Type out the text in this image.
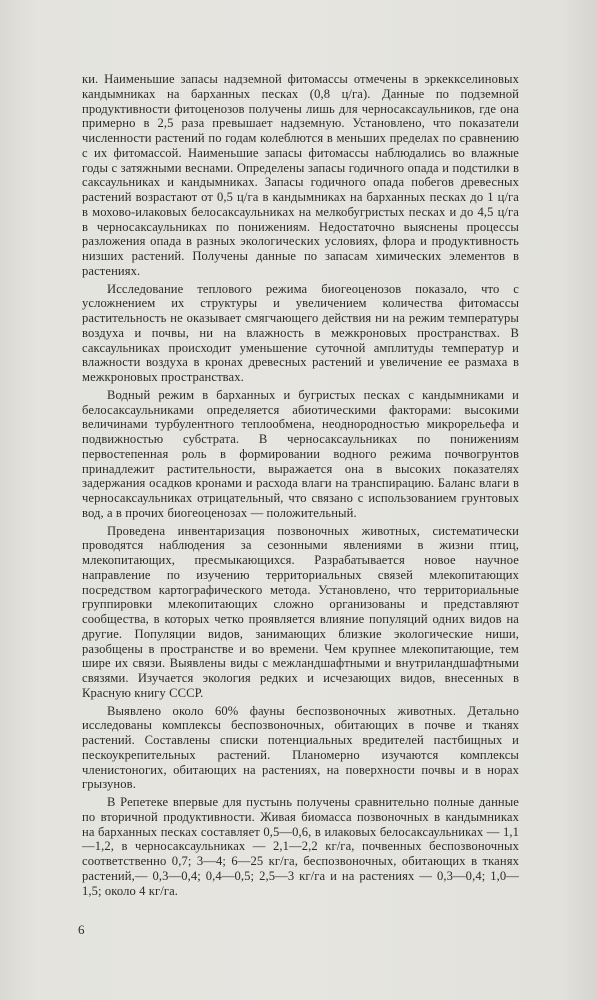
ки. Наименьшие запасы надземной фитомассы отмечены в эркеккселиновых кандымниках на барханных песках (0,8 ц/га). Данные по подземной продуктивности фитоценозов получены лишь для черносаксаульников, где она примерно в 2,5 раза превышает надземную. Установлено, что показатели численности растений по годам колеблются в меньших пределах по сравнению с их фитомассой. Наименьшие запасы фитомассы наблюдались во влажные годы с затяжными веснами. Определены запасы годичного опада и подстилки в саксаульниках и кандымниках. Запасы годичного опада побегов древесных растений возрастают от 0,5 ц/га в кандымниках на барханных песках до 1 ц/га в мохово-илаковых белосаксаульниках на мелкобугристых песках и до 4,5 ц/га в черносаксаульниках по понижениям. Недостаточно выяснены процессы разложения опада в разных экологических условиях, флора и продуктивность низших растений. Получены данные по запасам химических элементов в растениях.

Исследование теплового режима биогеоценозов показало, что с усложнением их структуры и увеличением количества фитомассы растительность не оказывает смягчающего действия ни на режим температуры воздуха и почвы, ни на влажность в межкроновых пространствах. В саксаульниках происходит уменьшение суточной амплитуды температур и влажности воздуха в кронах древесных растений и увеличение ее размаха в межкроновых пространствах.

Водный режим в барханных и бугристых песках с кандымниками и белосаксаульниками определяется абиотическими факторами: высокими величинами турбулентного теплообмена, неоднородностью микрорельефа и подвижностью субстрата. В черносаксаульниках по понижениям первостепенная роль в формировании водного режима почвогрунтов принадлежит растительности, выражается она в высоких показателях задержания осадков кронами и расхода влаги на транспирацию. Баланс влаги в черносаксаульниках отрицательный, что связано с использованием грунтовых вод, а в прочих биогеоценозах — положительный.

Проведена инвентаризация позвоночных животных, систематически проводятся наблюдения за сезонными явлениями в жизни птиц, млекопитающих, пресмыкающихся. Разрабатывается новое научное направление по изучению территориальных связей млекопитающих посредством картографического метода. Установлено, что территориальные группировки млекопитающих сложно организованы и представляют сообщества, в которых четко проявляется влияние популяций одних видов на другие. Популяции видов, занимающих близкие экологические ниши, разобщены в пространстве и во времени. Чем крупнее млекопитающие, тем шире их связи. Выявлены виды с межландшафтными и внутриландшафтными связями. Изучается экология редких и исчезающих видов, внесенных в Красную книгу СССР.

Выявлено около 60% фауны беспозвоночных животных. Детально исследованы комплексы беспозвоночных, обитающих в почве и тканях растений. Составлены списки потенциальных вредителей пастбищных и пескоукрепительных растений. Планомерно изучаются комплексы членистоногих, обитающих на растениях, на поверхности почвы и в норах грызунов.

В Репетеке впервые для пустынь получены сравнительно полные данные по вторичной продуктивности. Живая биомасса позвоночных в кандымниках на барханных песках составляет 0,5—0,6, в илаковых белосаксаульниках — 1,1—1,2, в черносаксаульниках — 2,1—2,2 кг/га, почвенных беспозвоночных соответственно 0,7; 3—4; 6—25 кг/га, беспозвоночных, обитающих в тканях растений,— 0,3—0,4; 0,4—0,5; 2,5—3 кг/га и на растениях — 0,3—0,4; 1,0—1,5; около 4 кг/га.

6
